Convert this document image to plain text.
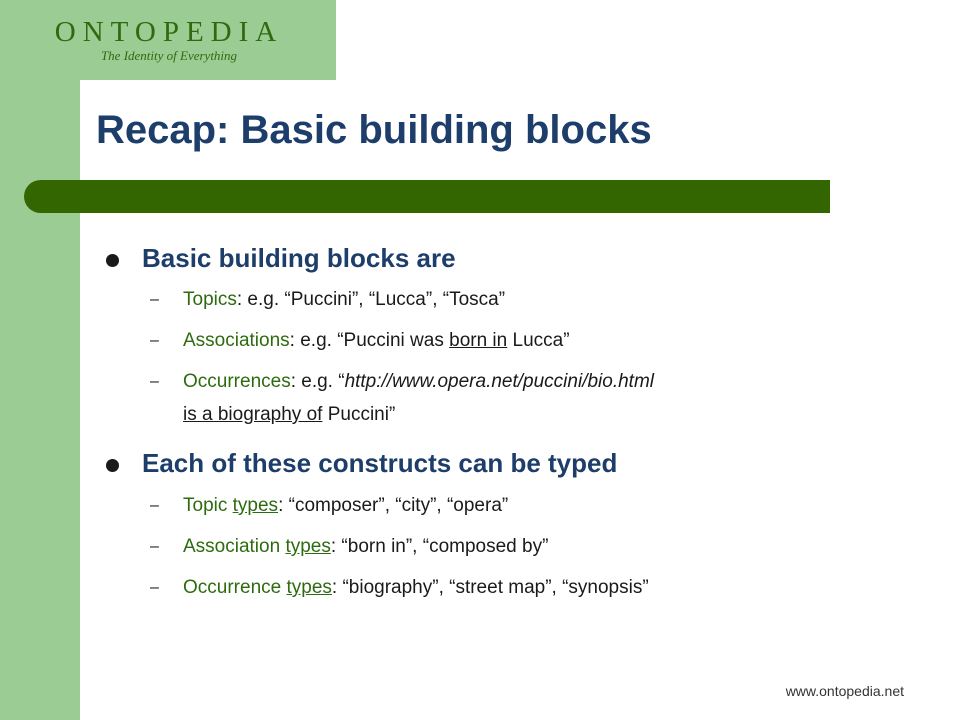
ONTOPEDIA
The Identity of Everything
Recap: Basic building blocks
Basic building blocks are
– Topics: e.g. “Puccini”, “Lucca”, “Tosca”
– Associations: e.g. “Puccini was born in Lucca”
– Occurrences: e.g. “http://www.opera.net/puccini/bio.html
is a biography of Puccini”
Each of these constructs can be typed
– Topic types: “composer”, “city”, “opera”
– Association types: “born in”, “composed by”
– Occurrence types: “biography”, “street map”, “synopsis”
www.ontopedia.net
